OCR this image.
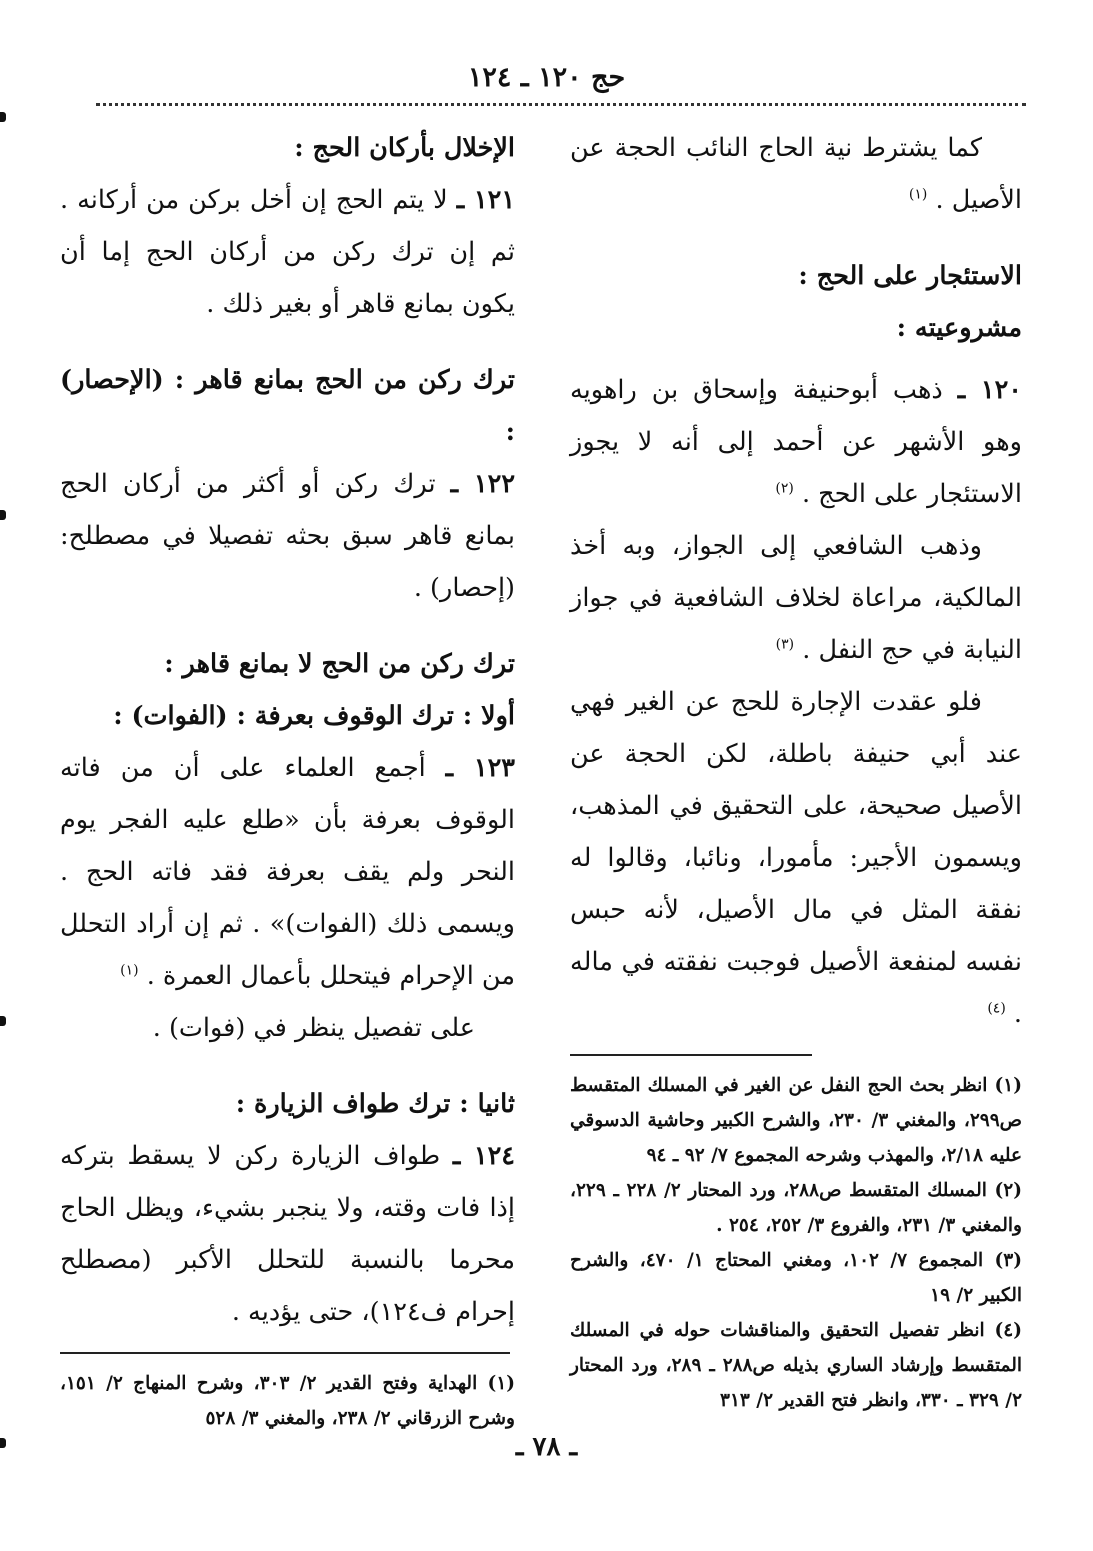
حج ١٢٠ ـ ١٢٤

كما يشترط نية الحاج النائب الحجة عن الأصيل . $^{(١)}$

الاستئجار على الحج :
مشروعيته :

١٢٠ ـ ذهب أبوحنيفة وإسحاق بن راهويه وهو الأشهر عن أحمد إلى أنه لا يجوز الاستئجار على الحج . $^{(٢)}$

وذهب الشافعي إلى الجواز، وبه أخذ المالكية، مراعاة لخلاف الشافعية في جواز النيابة في حج النفل . $^{(٣)}$

فلو عقدت الإجارة للحج عن الغير فهي عند أبي حنيفة باطلة، لكن الحجة عن الأصيل صحيحة، على التحقيق في المذهب، ويسمون الأجير: مأمورا، ونائبا، وقالوا له نفقة المثل في مال الأصيل، لأنه حبس نفسه لمنفعة الأصيل فوجبت نفقته في ماله . $^{(٤)}$

(١) انظر بحث الحج النفل عن الغير في المسلك المتقسط ص٢٩٩، والمغني ٣/ ٢٣٠، والشرح الكبير وحاشية الدسوقي عليه ٢/١٨، والمهذب وشرحه المجموع ٧/ ٩٢ ـ ٩٤

(٢) المسلك المتقسط ص٢٨٨، ورد المحتار ٢/ ٢٢٨ ـ ٢٢٩، والمغني ٣/ ٢٣١، والفروع ٣/ ٢٥٢، ٢٥٤ .

(٣) المجموع ٧/ ١٠٢، ومغني المحتاج ١/ ٤٧٠، والشرح الكبير ٢/ ١٩

(٤) انظر تفصيل التحقيق والمناقشات حوله في المسلك المتقسط وإرشاد الساري بذيله ص٢٨٨ ـ ٢٨٩، ورد المحتار ٢/ ٣٢٩ ـ ٣٣٠، وانظر فتح القدير ٢/ ٣١٣

الإخلال بأركان الحج :

١٢١ ـ لا يتم الحج إن أخل بركن من أركانه . ثم إن ترك ركن من أركان الحج إما أن يكون بمانع قاهر أو بغير ذلك .

ترك ركن من الحج بمانع قاهر : (الإحصار) :

١٢٢ ـ ترك ركن أو أكثر من أركان الحج بمانع قاهر سبق بحثه تفصيلا في مصطلح: (إحصار) .

ترك ركن من الحج لا بمانع قاهر :
أولا : ترك الوقوف بعرفة : (الفوات) :

١٢٣ ـ أجمع العلماء على أن من فاته الوقوف بعرفة بأن «طلع عليه الفجر يوم النحر ولم يقف بعرفة فقد فاته الحج . ويسمى ذلك (الفوات)» . ثم إن أراد التحلل من الإحرام فيتحلل بأعمال العمرة . $^{(١)}$

على تفصيل ينظر في (فوات) .

ثانيا : ترك طواف الزيارة :

١٢٤ ـ طواف الزيارة ركن لا يسقط بتركه إذا فات وقته، ولا ينجبر بشيء، ويظل الحاج محرما بالنسبة للتحلل الأكبر (مصطلح إحرام ف١٢٤)، حتى يؤديه .

(١) الهداية وفتح القدير ٢/ ٣٠٣، وشرح المنهاج ٢/ ١٥١، وشرح الزرقاني ٢/ ٢٣٨، والمغني ٣/ ٥٢٨

ـ ٧٨ ـ
